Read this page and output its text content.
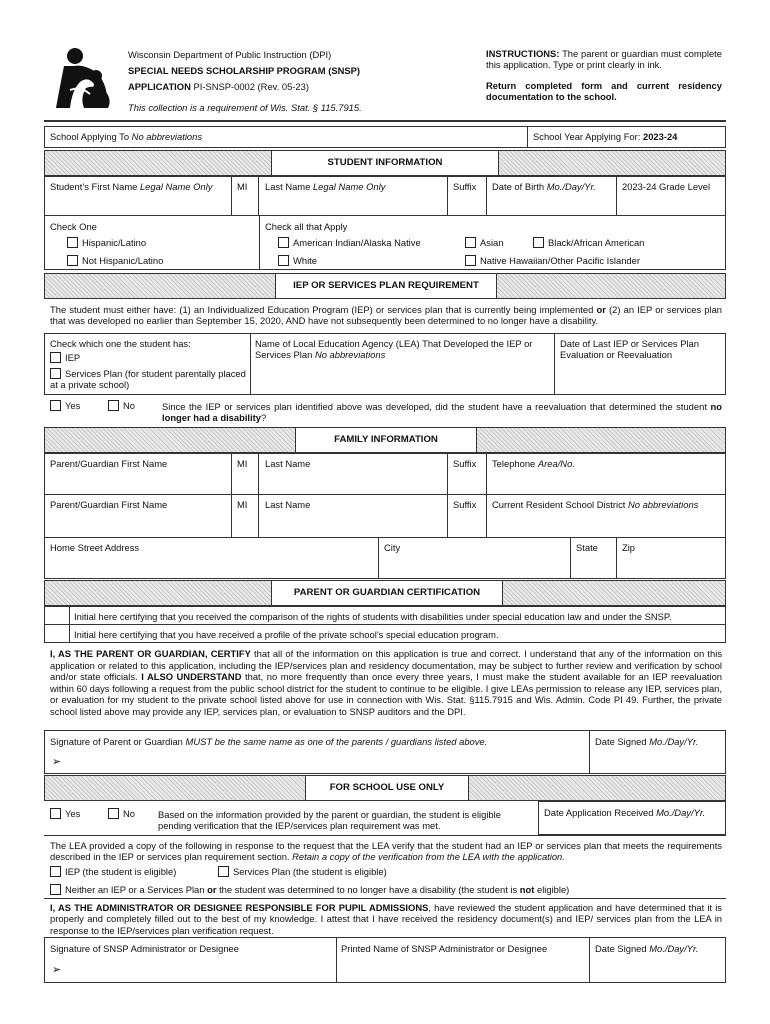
Wisconsin Department of Public Instruction (DPI)
SPECIAL NEEDS SCHOLARSHIP PROGRAM (SNSP)
APPLICATION PI-SNSP-0002 (Rev. 05-23)
This collection is a requirement of Wis. Stat. § 115.7915.
INSTRUCTIONS: The parent or guardian must complete this application. Type or print clearly in ink.
Return completed form and current residency documentation to the school.
School Applying To No abbreviations	School Year Applying For: 2023-24
STUDENT INFORMATION
Student’s First Name Legal Name Only	MI Last Name Legal Name Only	Suffix Date of Birth Mo./Day/Yr.	2023-24 Grade Level
Check One
Hispanic/Latino
Not Hispanic/Latino
Check all that Apply
American Indian/Alaska Native	Asian	Black/African American
White	Native Hawaiian/Other Pacific Islander
IEP OR SERVICES PLAN REQUIREMENT
The student must either have: (1) an Individualized Education Program (IEP) or services plan that is currently being implemented or (2) an IEP or services plan that was developed no earlier than September 15, 2020, AND have not subsequently been determined to no longer have a disability.
Check which one the student has:
IEP
Services Plan (for student parentally placed at a private school)
Name of Local Education Agency (LEA) That Developed the IEP or Services Plan No abbreviations
Date of Last IEP or Services Plan Evaluation or Reevaluation
Yes	No	Since the IEP or services plan identified above was developed, did the student have a reevaluation that determined the student no longer had a disability?
FAMILY INFORMATION
Parent/Guardian First Name	MI Last Name	Suffix Telephone Area/No.
Parent/Guardian First Name	MI Last Name	Suffix Current Resident School District No abbreviations
Home Street Address	City	State	Zip
PARENT OR GUARDIAN CERTIFICATION
Initial here certifying that you received the comparison of the rights of students with disabilities under special education law and under the SNSP.
Initial here certifying that you have received a profile of the private school’s special education program.
I, AS THE PARENT OR GUARDIAN, CERTIFY that all of the information on this application is true and correct. I understand that any of the information on this application or related to this application, including the IEP/services plan and residency documentation, may be subject to further review and verification by school and/or state officials. I ALSO UNDERSTAND that, no more frequently than once every three years, I must make the student available for an IEP reevaluation within 60 days following a request from the public school district for the student to continue to be eligible. I give LEAs permission to release any IEP, services plan, or evaluation for my student to the private school listed above for use in connection with Wis. Stat. §115.7915 and Wis. Admin. Code PI 49. Further, the private school listed above may provide any IEP, services plan, or evaluation to SNSP auditors and the DPI.
Signature of Parent or Guardian MUST be the same name as one of the parents / guardians listed above.
➢
Date Signed Mo./Day/Yr.
FOR SCHOOL USE ONLY
Yes	No Based on the information provided by the parent or guardian, the student is eligible pending verification that the IEP/services plan requirement was met.
Date Application Received Mo./Day/Yr.
The LEA provided a copy of the following in response to the request that the LEA verify that the student had an IEP or services plan that meets the requirements described in the IEP or services plan requirement section. Retain a copy of the verification from the LEA with the application.
IEP (the student is eligible)	Services Plan (the student is eligible)
Neither an IEP or a Services Plan or the student was determined to no longer have a disability (the student is not eligible)
I, AS THE ADMINISTRATOR OR DESIGNEE RESPONSIBLE FOR PUPIL ADMISSIONS, have reviewed the student application and have determined that it is properly and completely filled out to the best of my knowledge. I attest that I have received the residency document(s) and IEP/ services plan from the LEA in response to the IEP/services plan verification request.
Signature of SNSP Administrator or Designee
➢
Printed Name of SNSP Administrator or Designee	Date Signed Mo./Day/Yr.
